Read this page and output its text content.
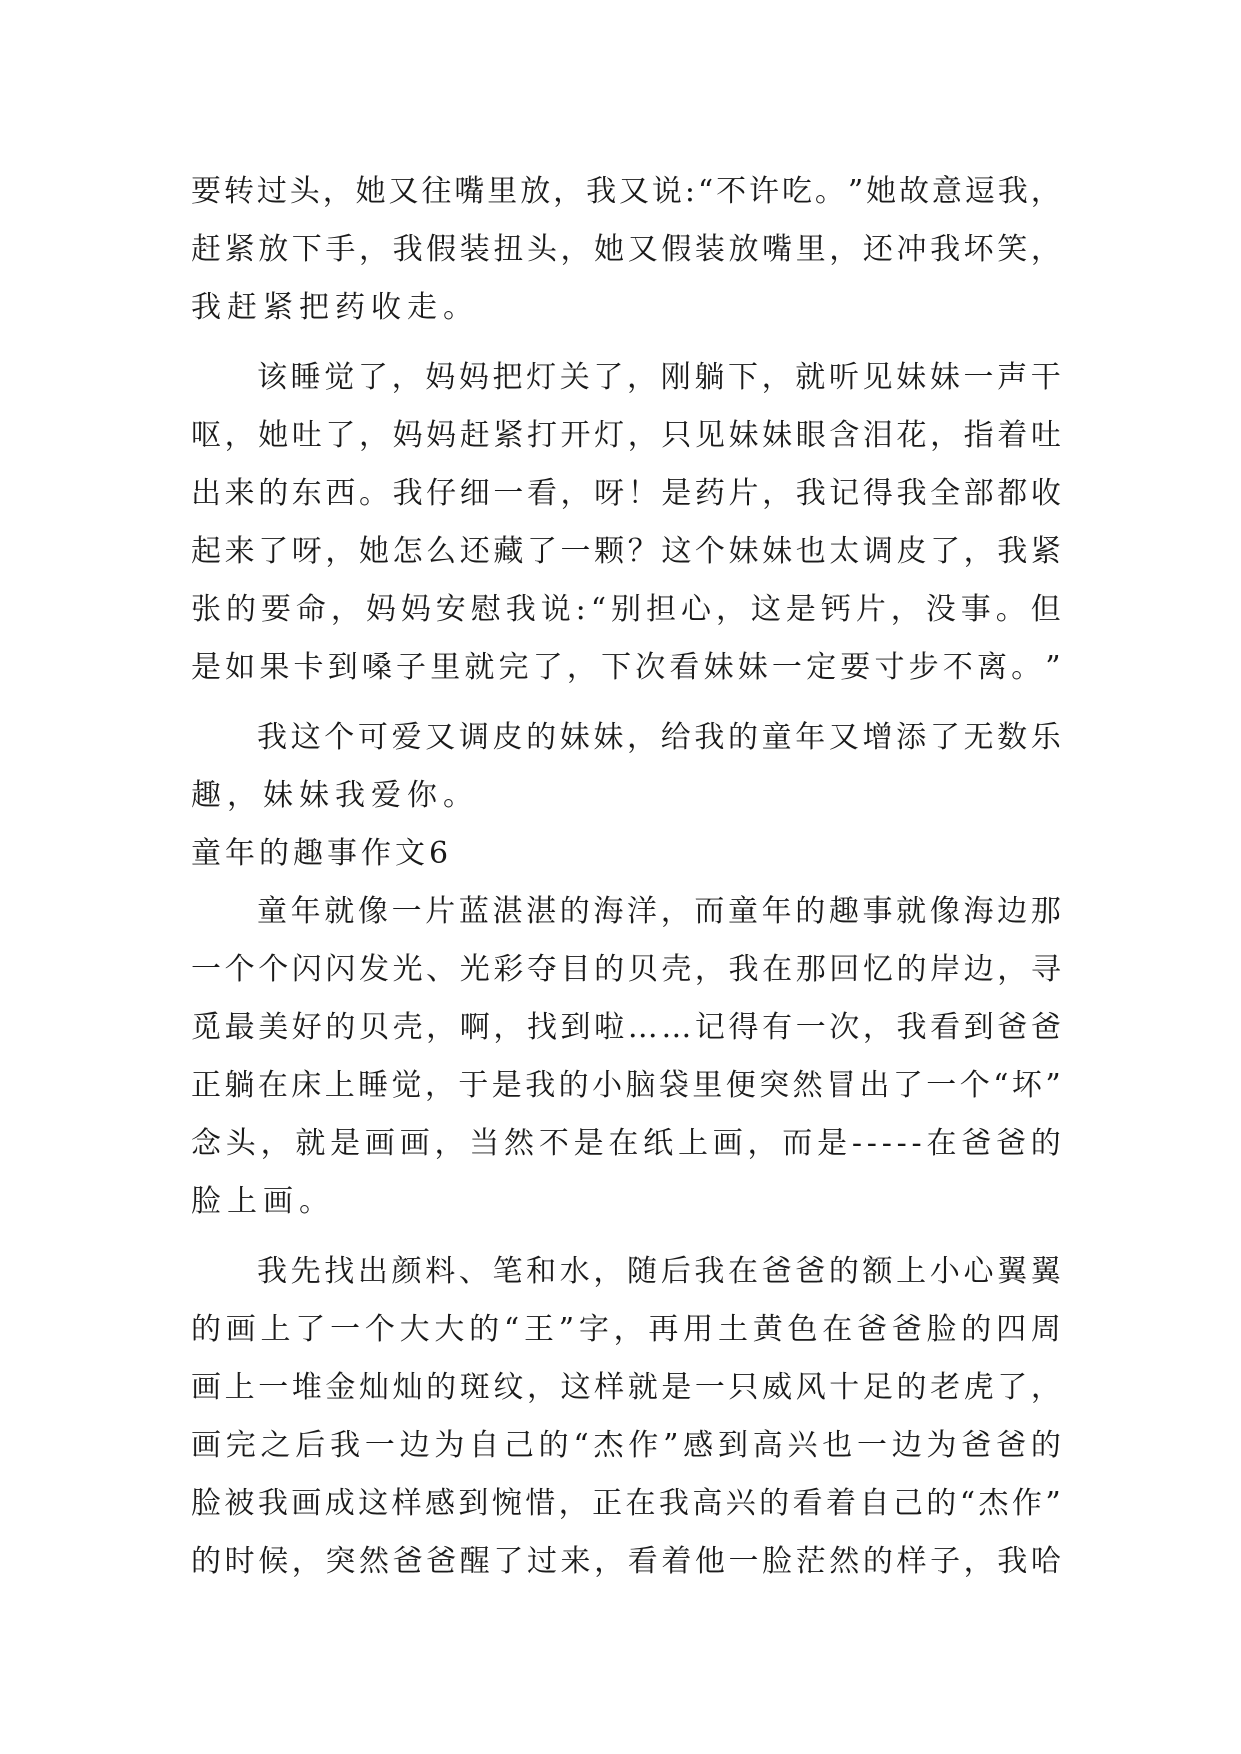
要 转 过 头 ， 她 又 往 嘴 里 放 ， 我 又 说 : “ 不 许 吃 。 ” 她 故 意 逗 我 ，
赶 紧 放 下 手 ， 我 假 装 扭 头 ， 她 又 假 装 放 嘴 里 ， 还 冲 我 坏 笑 ，
我赶紧把药收走。
该 睡 觉 了 ， 妈 妈 把 灯 关 了 ， 刚 躺 下 ， 就 听 见 妹 妹 一 声 干
呕 ， 她 吐 了 ， 妈 妈 赶 紧 打 开 灯 ， 只 见 妹 妹 眼 含 泪 花 ， 指 着 吐
出 来 的 东 西 。 我 仔 细 一 看 ， 呀 ！ 是 药 片 ， 我 记 得 我 全 部 都 收
起 来 了 呀 ， 她 怎 么 还 藏 了 一 颗 ？ 这 个 妹 妹 也 太 调 皮 了 ， 我 紧
张 的 要 命 ， 妈 妈 安 慰 我 说 : “ 别 担 心 ， 这 是 钙 片 ， 没 事 。 但
是 如 果 卡 到 嗓 子 里 就 完 了 ， 下 次 看 妹 妹 一 定 要 寸 步 不 离 。 ”
我 这 个 可 爱 又 调 皮 的 妹 妹 ， 给 我 的 童 年 又 增 添 了 无 数 乐
趣，妹妹我爱你。
童年的趣事作文6
童 年 就 像 一 片 蓝 湛 湛 的 海 洋 ， 而 童 年 的 趣 事 就 像 海 边 那
一 个 个 闪 闪 发 光 、 光 彩 夺 目 的 贝 壳 ， 我 在 那 回 忆 的 岸 边 ， 寻
觅 最 美 好 的 贝 壳 ， 啊 ， 找 到 啦 … … 记 得 有 一 次 ， 我 看 到 爸 爸
正 躺 在 床 上 睡 觉 ， 于 是 我 的 小 脑 袋 里 便 突 然 冒 出 了 一 个 “ 坏 ”
念 头 ， 就 是 画 画 ， 当 然 不 是 在 纸 上 画 ， 而 是 - - - - - 在 爸 爸 的
脸上画。
我 先 找 出 颜 料 、 笔 和 水 ， 随 后 我 在 爸 爸 的 额 上 小 心 翼 翼
的 画 上 了 一 个 大 大 的 “ 王 ” 字 ， 再 用 土 黄 色 在 爸 爸 脸 的 四 周
画 上 一 堆 金 灿 灿 的 斑 纹 ， 这 样 就 是 一 只 威 风 十 足 的 老 虎 了 ，
画 完 之 后 我 一 边 为 自 己 的 “ 杰 作 ” 感 到 高 兴 也 一 边 为 爸 爸 的
脸 被 我 画 成 这 样 感 到 惋 惜 ， 正 在 我 高 兴 的 看 着 自 己 的 “ 杰 作 ”
的 时 候 ， 突 然 爸 爸 醒 了 过 来 ， 看 着 他 一 脸 茫 然 的 样 子 ， 我 哈
